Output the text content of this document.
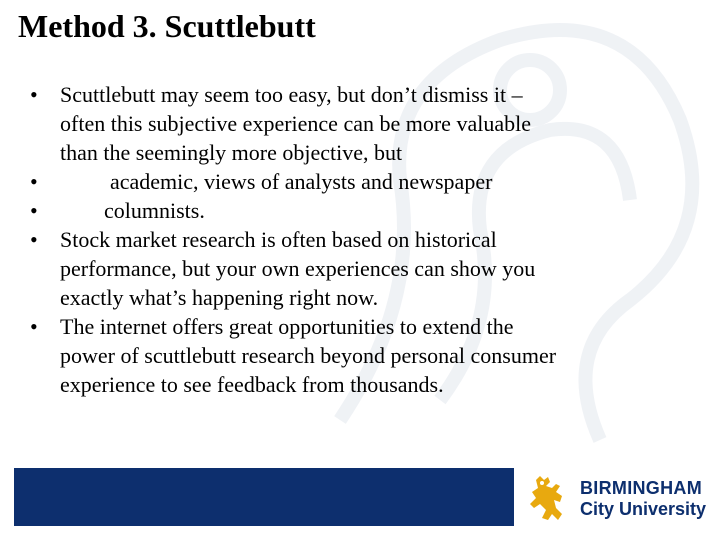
Method 3. Scuttlebutt
• Scuttlebutt may seem too easy, but don’t dismiss it –
often this subjective experience can be more valuable
than the seemingly more objective, but
•	academic, views of analysts and newspaper
•	columnists.
• Stock market research is often based on historical
performance, but your own experiences can show you
exactly what’s happening right now.
• The internet offers great opportunities to extend the
power of scuttlebutt research beyond personal consumer
experience to see feedback from thousands.
BIRMINGHAM
City University
